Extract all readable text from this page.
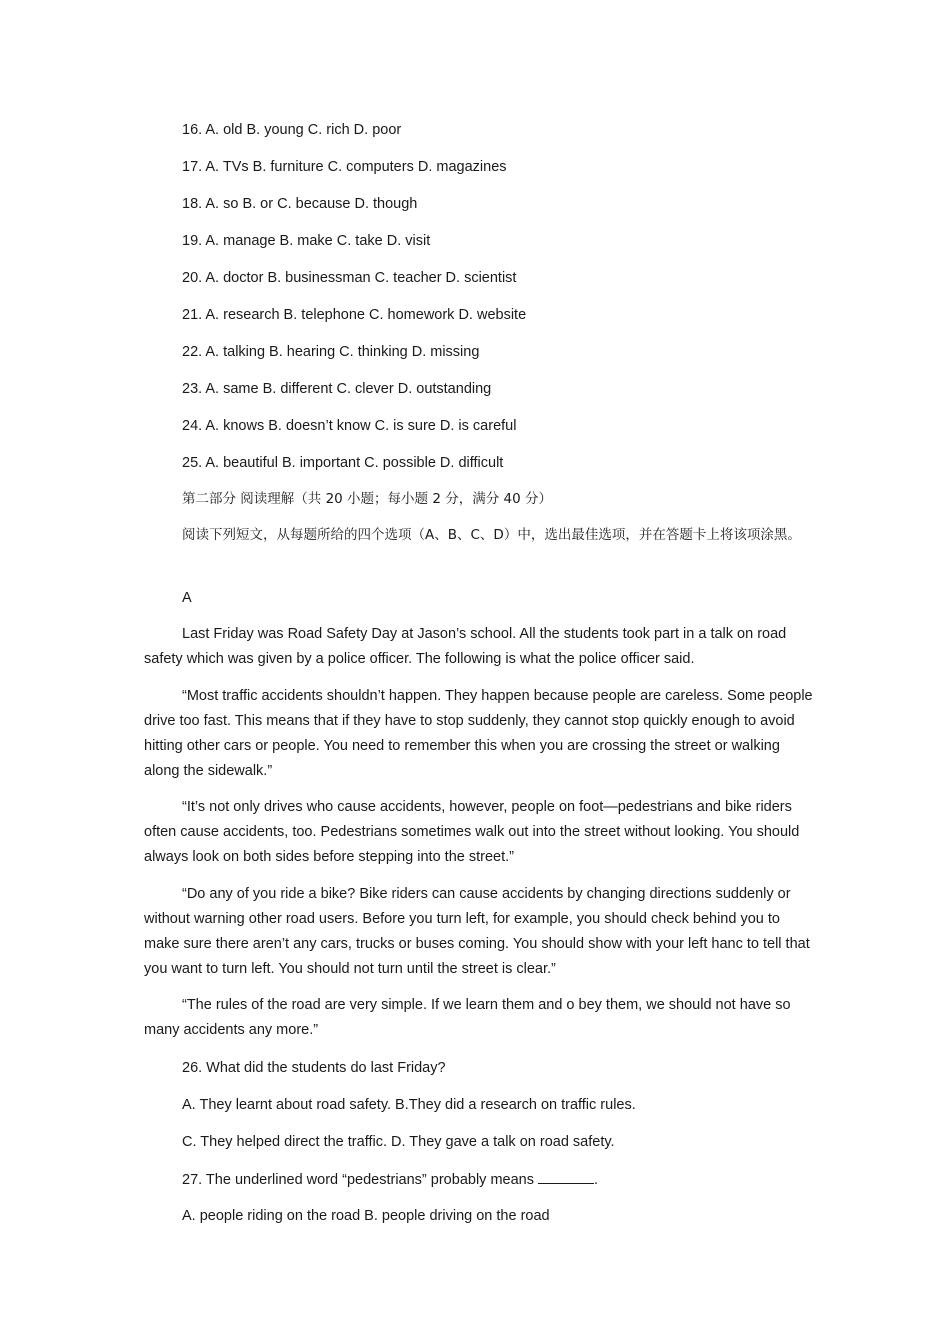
16. A. old B. young C. rich D. poor
17. A. TVs B. furniture C. computers D. magazines
18. A. so B. or C. because D. though
19. A. manage B. make C. take D. visit
20. A. doctor B. businessman C. teacher D. scientist
21. A. research B. telephone C. homework D. website
22. A. talking B. hearing C. thinking D. missing
23. A. same B. different C. clever D. outstanding
24. A. knows B. doesn’t know C. is sure D. is careful
25. A. beautiful B. important C. possible D. difficult
第二部分 阅读理解（共 20 小题；每小题 2 分，满分 40 分）

阅读下列短文，从每题所给的四个选项（A、B、C、D）中，选出最佳选项，并在答题卡上将该项涂黑。

A

Last Friday was Road Safety Day at Jason’s school. All the students took part in a talk on road safety which was given by a police officer. The following is what the police officer said.

“Most traffic accidents shouldn’t happen. They happen because people are careless. Some people drive too fast. This means that if they have to stop suddenly, they cannot stop quickly enough to avoid hitting other cars or people. You need to remember this when you are crossing the street or walking along the sidewalk.”

“It’s not only drives who cause accidents, however, people on foot—pedestrians and bike riders often cause accidents, too. Pedestrians sometimes walk out into the street without looking. You should always look on both sides before stepping into the street.”

“Do any of you ride a bike? Bike riders can cause accidents by changing directions suddenly or without warning other road users. Before you turn left, for example, you should check behind you to make sure there aren’t any cars, trucks or buses coming. You should show with your left hanc to tell that you want to turn left. You should not turn until the street is clear.”

“The rules of the road are very simple. If we learn them and o bey them, we should not have so many accidents any more.”

26. What did the students do last Friday?
A. They learnt about road safety. B.They did a research on traffic rules.
C. They helped direct the traffic. D. They gave a talk on road safety.
27. The underlined word “pedestrians” probably means	.
A. people riding on the road B. people driving on the road
